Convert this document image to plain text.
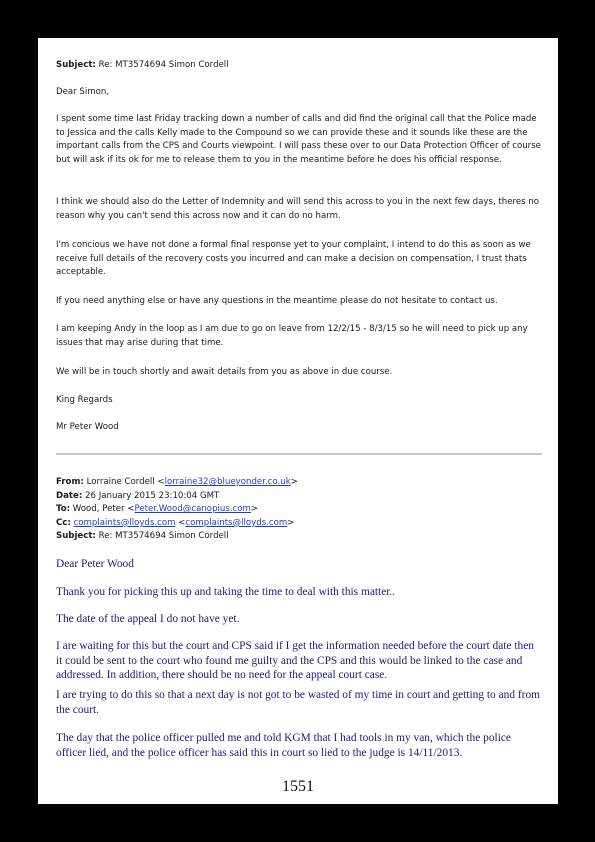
Subject: Re: MT3574694 Simon Cordell

Dear Simon,

I spent some time last Friday tracking down a number of calls and did find the original call that the Police made to Jessica and the calls Kelly made to the Compound so we can provide these and it sounds like these are the important calls from the CPS and Courts viewpoint. I will pass these over to our Data Protection Officer of course but will ask if its ok for me to release them to you in the meantime before he does his official response.

I think we should also do the Letter of Indemnity and will send this across to you in the next few days, theres no reason why you can't send this across now and it can do no harm.

I'm concious we have not done a formal final response yet to your complaint, I intend to do this as soon as we receive full details of the recovery costs you incurred and can make a decision on compensation, I trust thats acceptable.

If you need anything else or have any questions in the meantime please do not hesitate to contact us.

I am keeping Andy in the loop as I am due to go on leave from 12/2/15 - 8/3/15 so he will need to pick up any issues that may arise during that time.

We will be in touch shortly and await details from you as above in due course.

King Regards

Mr Peter Wood

From: Lorraine Cordell <lorraine32@blueyonder.co.uk>
Date: 26 January 2015 23:10:04 GMT
To: Wood, Peter <Peter.Wood@canopius.com>
Cc: complaints@lloyds.com <complaints@lloyds.com>
Subject: Re: MT3574694 Simon Cordell

Dear Peter Wood

Thank you for picking this up and taking the time to deal with this matter..

The date of the appeal I do not have yet.

I are waiting for this but the court and CPS said if I get the information needed before the court date then it could be sent to the court who found me guilty and the CPS and this would be linked to the case and addressed. In addition, there should be no need for the appeal court case.

I are trying to do this so that a next day is not got to be wasted of my time in court and getting to and from the court.

The day that the police officer pulled me and told KGM that I had tools in my van, which the police officer lied, and the police officer has said this in court so lied to the judge is 14/11/2013.

1551
